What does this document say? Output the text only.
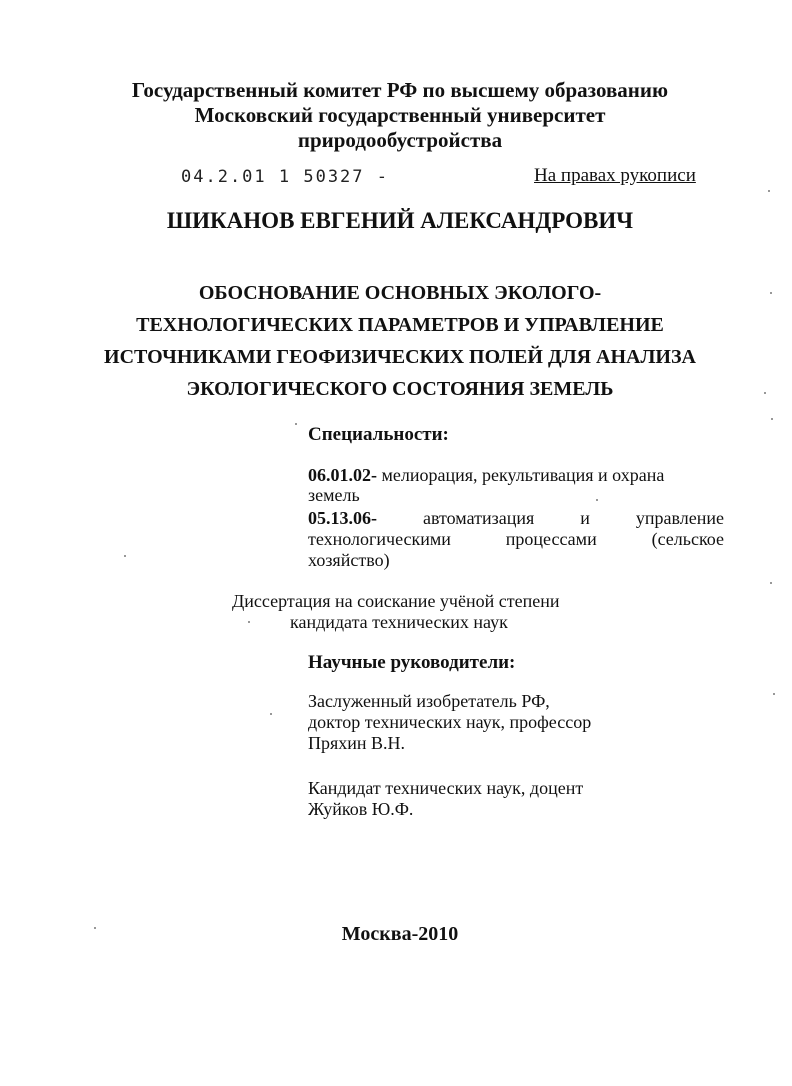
Государственный комитет РФ по высшему образованию
Московский государственный университет
природообустройства
04.2.01 1 50327 -	На правах рукописи
ШИКАНОВ ЕВГЕНИЙ АЛЕКСАНДРОВИЧ
ОБОСНОВАНИЕ ОСНОВНЫХ ЭКОЛОГО-
ТЕХНОЛОГИЧЕСКИХ ПАРАМЕТРОВ И УПРАВЛЕНИЕ
ИСТОЧНИКАМИ ГЕОФИЗИЧЕСКИХ ПОЛЕЙ ДЛЯ АНАЛИЗА
ЭКОЛОГИЧЕСКОГО СОСТОЯНИЯ ЗЕМЕЛЬ
Специальности:
06.01.02- мелиорация, рекультивация и охрана
земель
05.13.06-	автоматизация	и	управление
технологическими	процессами	(сельское
хозяйство)
Диссертация на соискание учёной степени
кандидата технических наук
Научные руководители:
Заслуженный изобретатель РФ,
доктор технических наук, профессор
Пряхин В.Н.
Кандидат технических наук, доцент
Жуйков Ю.Ф.
Москва-2010
